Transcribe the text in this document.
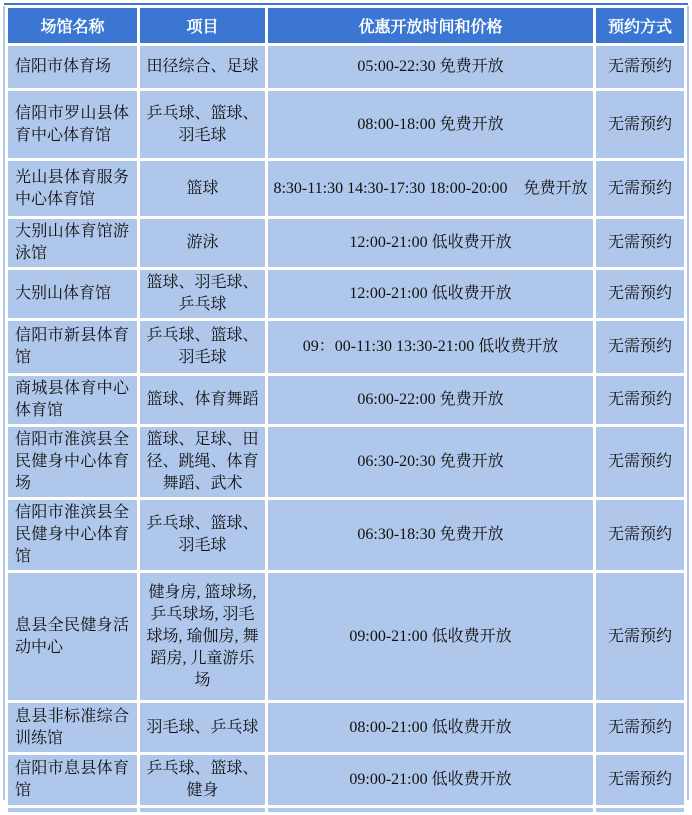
场馆名称	项目	优惠开放时间和价格	预约方式
信阳市体育场	田径综合、足球	05:00-22:30 免费开放	无需预约
信阳市罗山县体育中心体育馆	乒乓球、篮球、羽毛球	08:00-18:00 免费开放	无需预约
光山县体育服务中心体育馆	篮球	8:30-11:30 14:30-17:30 18:00-20:00　免费开放	无需预约
大别山体育馆游泳馆	游泳	12:00-21:00 低收费开放	无需预约
大别山体育馆	篮球、羽毛球、乒乓球	12:00-21:00 低收费开放	无需预约
信阳市新县体育馆	乒乓球、篮球、羽毛球	09：00-11:30 13:30-21:00 低收费开放	无需预约
商城县体育中心体育馆	篮球、体育舞蹈	06:00-22:00 免费开放	无需预约
信阳市淮滨县全民健身中心体育场	篮球、足球、田径、跳绳、体育舞蹈、武术	06:30-20:30 免费开放	无需预约
信阳市淮滨县全民健身中心体育馆	乒乓球、篮球、羽毛球	06:30-18:30 免费开放	无需预约
息县全民健身活动中心	健身房, 篮球场, 乒乓球场, 羽毛球场, 瑜伽房, 舞蹈房, 儿童游乐场	09:00-21:00 低收费开放	无需预约
息县非标准综合训练馆	羽毛球、乒乓球	08:00-21:00 低收费开放	无需预约
信阳市息县体育馆	乒乓球、篮球、健身	09:00-21:00 低收费开放	无需预约
